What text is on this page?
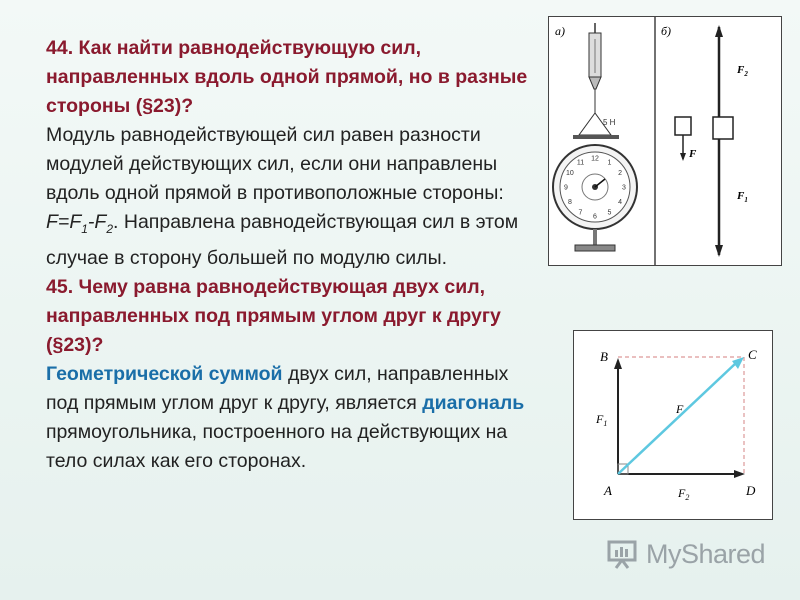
44. Как найти равнодействующую сил, направленных вдоль одной прямой, но в разные стороны (§23)?

Модуль равнодействующей сил равен разности модулей действующих сил, если они направлены вдоль одной прямой в противоположные стороны: $F=F_1-F_2$. Направлена равнодействующая сил в этом случае в сторону большей по модулю силы.

45. Чему равна равнодействующая двух сил, направленных под прямым углом друг к другу (§23)?

Геометрической суммой двух сил, направленных под прямым углом друг к другу, является диагональ прямоугольника, построенного на действующих на тело силах как его сторонах.

а)
5 Н
12
1
2
3
4
5
6
7
8
9
10
11
б)
$F_2$
F
$F_1$
B	C
A	D
$F_1$
F
$F_2$
MyShared
